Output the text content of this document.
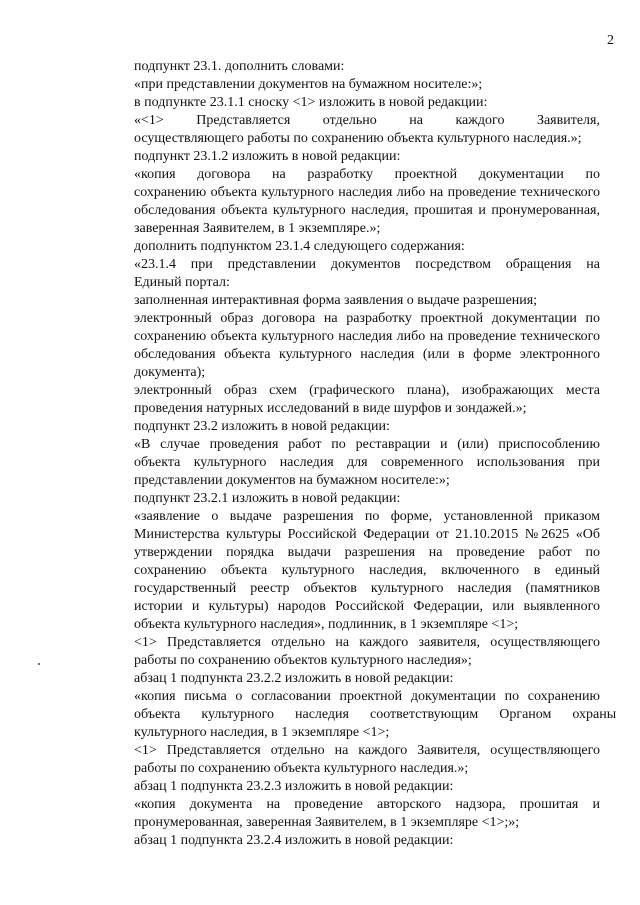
2
подпункт 23.1. дополнить словами:
«при представлении документов на бумажном носителе:»;
в подпункте 23.1.1 сноску <1> изложить в новой редакции:
«<1>    Представляется    отдельно    на    каждого    Заявителя,
осуществляющего работы по сохранению объекта культурного наследия.»;
подпункт 23.1.2 изложить в новой редакции:
«копия    договора    на    разработку    проектной    документации    по
сохранению объекта культурного наследия либо на проведение технического
обследования объекта культурного наследия, прошитая и пронумерованная,
заверенная Заявителем, в 1 экземпляре.»;
дополнить подпунктом 23.1.4 следующего содержания:
«23.1.4 при представлении документов посредством обращения на
Единый портал:
заполненная интерактивная форма заявления о выдаче разрешения;
электронный образ договора на разработку проектной документации по
сохранению объекта культурного наследия либо на проведение технического
обследования объекта культурного наследия (или в форме электронного
документа);
электронный образ схем (графического плана), изображающих места
проведения натурных исследований в виде шурфов и зондажей.»;
подпункт 23.2 изложить в новой редакции:
«В случае проведения работ по реставрации и (или) приспособлению
объекта   культурного   наследия   для   современного   использования   при
представлении документов на бумажном носителе:»;
подпункт 23.2.1 изложить в новой редакции:
«заявление о выдаче разрешения по форме, установленной приказом
Министерства культуры Российской Федерации от 21.10.2015 №2625 «Об
утверждении   порядка   выдачи   разрешения   на   проведение   работ   по
сохранению   объекта   культурного   наследия,   включенного   в   единый
государственный   реестр   объектов   культурного   наследия   (памятников
истории и культуры) народов Российской Федерации, или выявленного
объекта культурного наследия», подлинник, в 1 экземпляре <1>;
<1> Представляется отдельно на каждого заявителя, осуществляющего
работы по сохранению объектов культурного наследия»;
абзац 1 подпункта 23.2.2 изложить в новой редакции:
«копия письма о согласовании проектной документации по сохранению
объекта      культурного      наследия      соответствующим      Органом      охраны
культурного наследия, в 1 экземпляре <1>;
<1> Представляется отдельно на каждого Заявителя, осуществляющего
работы по сохранению объекта культурного наследия.»;
абзац 1 подпункта 23.2.3 изложить в новой редакции:
«копия документа на проведение авторского надзора, прошитая и
пронумерованная, заверенная Заявителем, в 1 экземпляре <1>;»;
абзац 1 подпункта 23.2.4 изложить в новой редакции:
